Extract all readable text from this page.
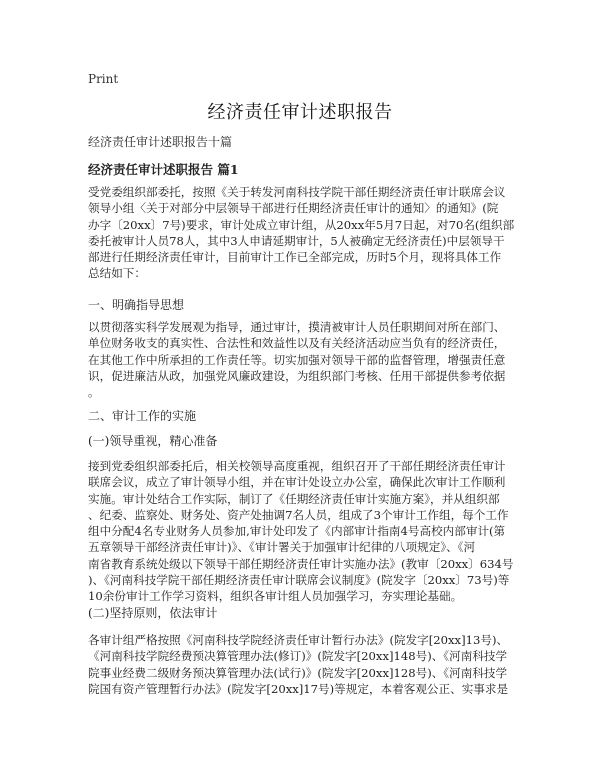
Print
经济责任审计述职报告
经济责任审计述职报告十篇
经济责任审计述职报告 篇1
受党委组织部委托，按照《关于转发河南科技学院干部任期经济责任审计联席会议
领导小组〈关于对部分中层领导干部进行任期经济责任审计的通知〉的通知》(院
办字〔20xx〕7号)要求，审计处成立审计组，从20xx年5月7日起，对70名(组织部
委托被审计人员78人，其中3人申请延期审计，5人被确定无经济责任)中层领导干
部进行任期经济责任审计，目前审计工作已全部完成，历时5个月，现将具体工作
总结如下：
一、明确指导思想
以贯彻落实科学发展观为指导，通过审计，摸清被审计人员任职期间对所在部门、
单位财务收支的真实性、合法性和效益性以及有关经济活动应当负有的经济责任，
在其他工作中所承担的工作责任等。切实加强对领导干部的监督管理，增强责任意
识，促进廉洁从政，加强党风廉政建设，为组织部门考核、任用干部提供参考依据
。
二、审计工作的实施
(一)领导重视，精心准备
接到党委组织部委托后，相关校领导高度重视，组织召开了干部任期经济责任审计
联席会议，成立了审计领导小组，并在审计处设立办公室，确保此次审计工作顺利
实施。审计处结合工作实际，制订了《任期经济责任审计实施方案》，并从组织部
、纪委、监察处、财务处、资产处抽调7名人员，组成了3个审计工作组，每个工作
组中分配4名专业财务人员参加,审计处印发了《内部审计指南4号高校内部审计(第
五章领导干部经济责任审计)》、《审计署关于加强审计纪律的八项规定》、《河
南省教育系统处级以下领导干部任期经济责任审计实施办法》(教审〔20xx〕634号
)、《河南科技学院干部任期经济责任审计联席会议制度》(院发字〔20xx〕73号)等
10余份审计工作学习资料，组织各审计组人员加强学习，夯实理论基础。
(二)坚持原则，依法审计
各审计组严格按照《河南科技学院经济责任审计暂行办法》(院发字[20xx]13号)、
《河南科技学院经费预决算管理办法(修订)》(院发字[20xx]148号)、《河南科技学
院事业经费二级财务预决算管理办法(试行)》(院发字[20xx]128号)、《河南科技学
院国有资产管理暂行办法》(院发字[20xx]17号)等规定，本着客观公正、实事求是
